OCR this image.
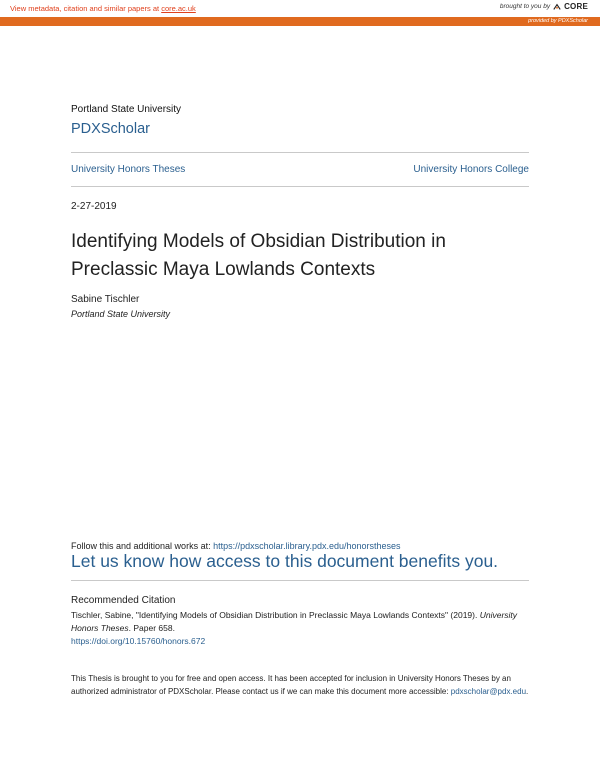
View metadata, citation and similar papers at core.ac.uk	brought to you by CORE
provided by PDXScholar
Portland State University
PDXScholar
University Honors Theses	University Honors College
2-27-2019
Identifying Models of Obsidian Distribution in Preclassic Maya Lowlands Contexts
Sabine Tischler
Portland State University
Follow this and additional works at: https://pdxscholar.library.pdx.edu/honorstheses
Let us know how access to this document benefits you.
Recommended Citation
Tischler, Sabine, "Identifying Models of Obsidian Distribution in Preclassic Maya Lowlands Contexts" (2019). University Honors Theses. Paper 658.
https://doi.org/10.15760/honors.672
This Thesis is brought to you for free and open access. It has been accepted for inclusion in University Honors Theses by an authorized administrator of PDXScholar. Please contact us if we can make this document more accessible: pdxscholar@pdx.edu.
